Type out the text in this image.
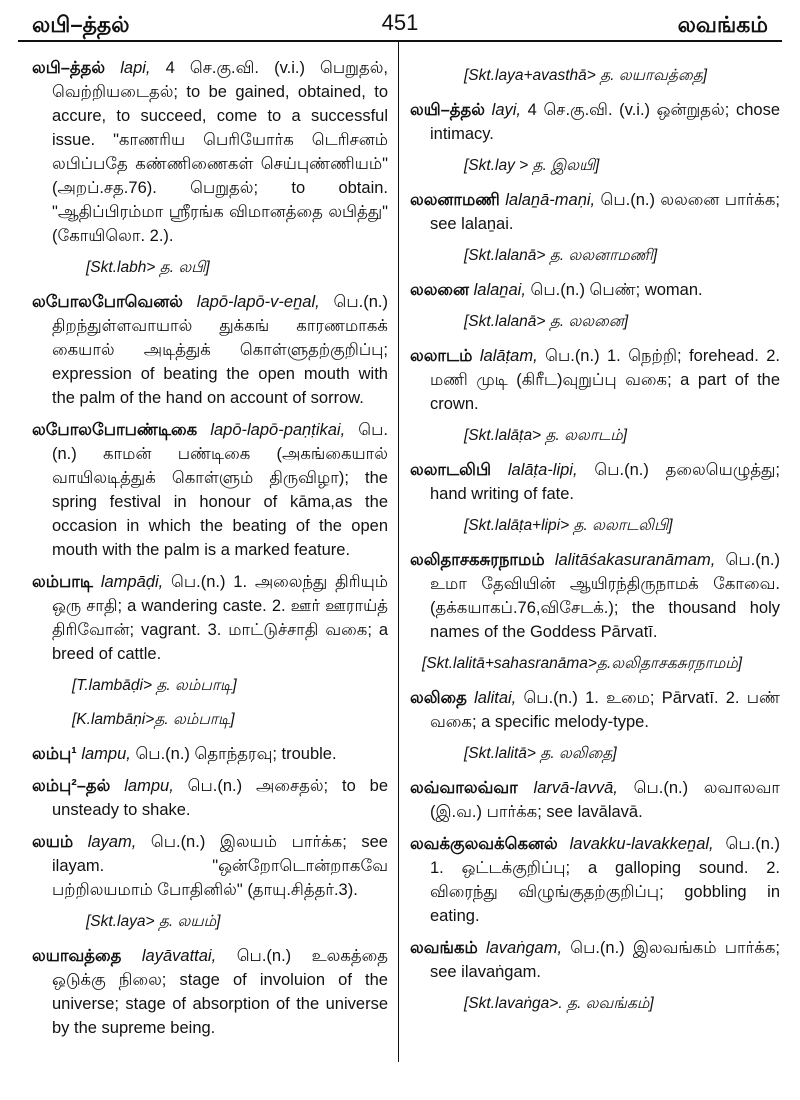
லபி–த்தல்	451	லவங்கம்
லபி–த்தல் lapi, 4 செ.கு.வி. (v.i.) பெறுதல், வெற்றியடைதல்; to be gained, obtained, to accure, to succeed, come to a successful issue. "காணரிய பெரியோர்க டெரிசனம் லபிப்பதே கண்ணிணைகள் செய்புண்ணியம்" (அறப்.சத.76). பெறுதல்; to obtain. "ஆதிப்பிரம்மா ஸ்ரீரங்க விமானத்தை லபித்து" (கோயிலொ. 2.).
[Skt.labh> த. லபி]
லபோலபோவெனல் lapō-lapō-v-eṉal, பெ.(n.) திறந்துள்ளவாயால் துக்கங் காரணமாகக் கையால் அடித்துக் கொள்ளுதற்குறிப்பு; expression of beating the open mouth with the palm of the hand on account of sorrow.
லபோலபோபண்டிகை lapō-lapō-paṇṭikai, பெ.(n.) காமன் பண்டிகை (அகங்கையால் வாயிலடித்துக் கொள்ளும் திருவிழா); the spring festival in honour of kāma,as the occasion in which the beating of the open mouth with the palm is a marked feature.
லம்பாடி lampāḍi, பெ.(n.) 1. அலைந்து திரியும் ஒரு சாதி; a wandering caste. 2. ஊர் ஊராய்த் திரிவோன்; vagrant. 3. மாட்டுச்சாதி வகை; a breed of cattle.
[T.lambāḍi> த. லம்பாடி]
[K.lambāṇi>த. லம்பாடி]
லம்பு¹ lampu, பெ.(n.) தொந்தரவு; trouble.
லம்பு²–தல் lampu, பெ.(n.) அசைதல்; to be unsteady to shake.
லயம் layam, பெ.(n.) இலயம் பார்க்க; see ilayam. "ஒன்றோடொன்றாகவே பற்றிலயமாம் போதினில்" (தாயு.சித்தர்.3).
[Skt.laya> த. லயம்]
லயாவத்தை layāvattai, பெ.(n.) உலகத்தை ஒடுக்கு நிலை; stage of involuion of the universe; stage of absorption of the universe by the supreme being.
[Skt.laya+avasthā> த. லயாவத்தை]
லயி–த்தல் layi, 4 செ.கு.வி. (v.i.) ஒன்றுதல்; chose intimacy.
[Skt.lay > த. இலயி]
லலனாமணி lalaṉā-maṇi, பெ.(n.) லலனை பார்க்க; see lalaṉai.
[Skt.lalanā> த. லலனாமணி]
லலனை lalaṉai, பெ.(n.) பெண்; woman.
[Skt.lalanā> த. லலனை]
லலாடம் lalāṭam, பெ.(n.) 1. நெற்றி; forehead. 2. மணி முடி (கிரீட)வுறுப்பு வகை; a part of the crown.
[Skt.lalāṭa> த. லலாடம்]
லலாடலிபி lalāṭa-lipi, பெ.(n.) தலையெழுத்து; hand writing of fate.
[Skt.lalāṭa+lipi> த. லலாடலிபி]
லலிதாசகசுரநாமம் lalitāśakasuranāmam, பெ.(n.) உமா தேவியின் ஆயிரந்திருநாமக் கோவை. (தக்கயாகப்.76,விசேடக்.); the thousand holy names of the Goddess Pārvatī.
[Skt.lalitā+sahasranāma>த.லலிதாசகசுரநாமம்]
லலிதை lalitai, பெ.(n.) 1. உமை; Pārvatī. 2. பண் வகை; a specific melody-type.
[Skt.lalitā> த. லலிதை]
லவ்வாலவ்வா larvā-lavvā, பெ.(n.) லவாலவா (இ.வ.) பார்க்க; see lavālavā.
லவக்குலவக்கெனல் lavakku-lavakkeṉal, பெ.(n.) 1. ஒட்டக்குறிப்பு; a galloping sound. 2. விரைந்து விழுங்குதற்குறிப்பு; gobbling in eating.
லவங்கம் lavaṅgam, பெ.(n.) இலவங்கம் பார்க்க; see ilavaṅgam.
[Skt.lavaṅga>. த. லவங்கம்]
